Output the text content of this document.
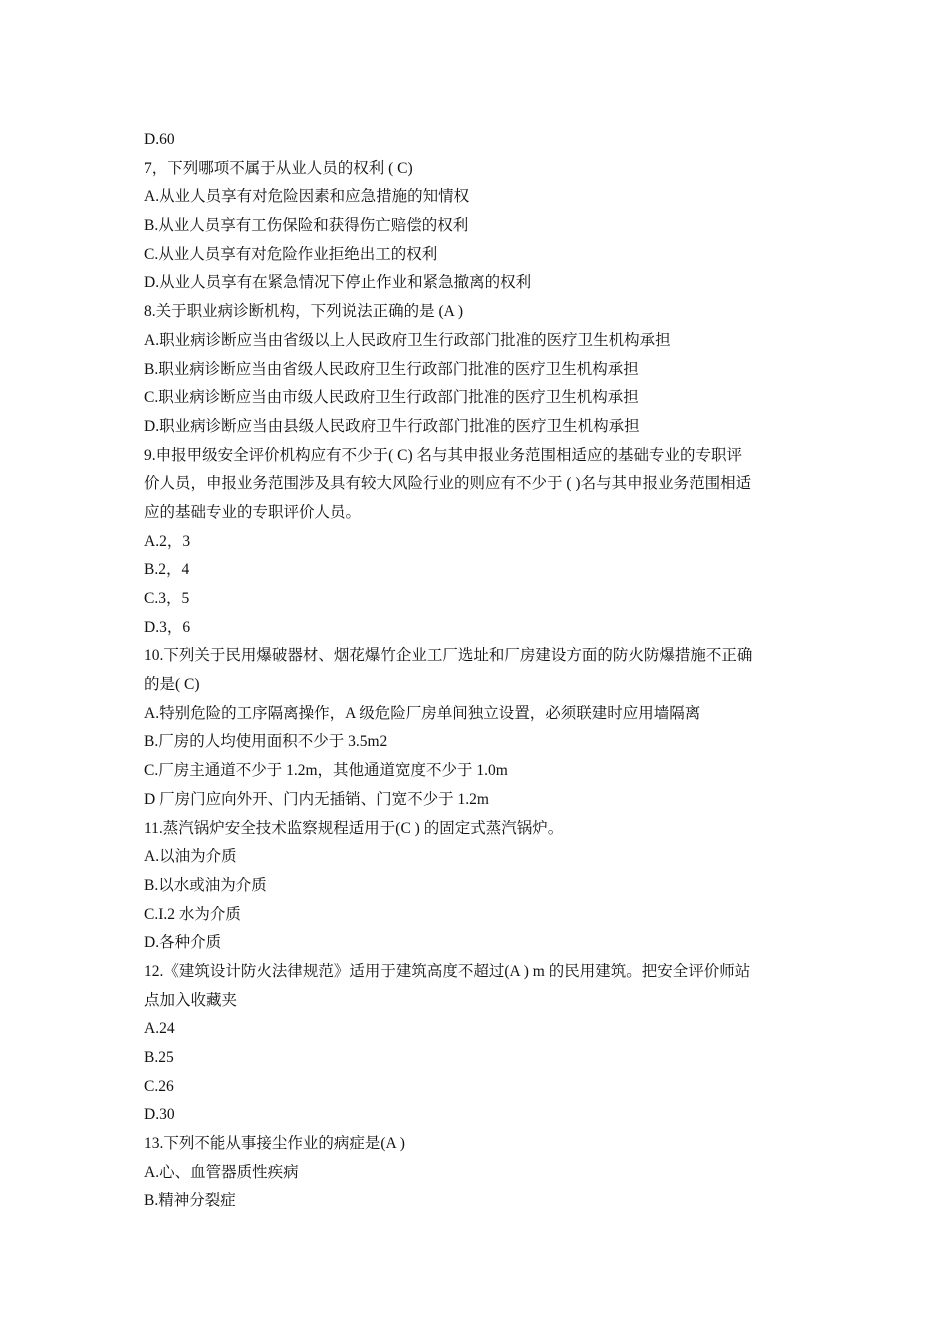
D.60
7，下列哪项不属于从业人员的权利 ( C)
A.从业人员享有对危险因素和应急措施的知情权
B.从业人员享有工伤保险和获得伤亡赔偿的权利
C.从业人员享有对危险作业拒绝出工的权利
D.从业人员享有在紧急情况下停止作业和紧急撤离的权利
8.关于职业病诊断机构，下列说法正确的是 (A )
A.职业病诊断应当由省级以上人民政府卫生行政部门批准的医疗卫生机构承担
B.职业病诊断应当由省级人民政府卫生行政部门批准的医疗卫生机构承担
C.职业病诊断应当由市级人民政府卫生行政部门批准的医疗卫生机构承担
D.职业病诊断应当由县级人民政府卫牛行政部门批准的医疗卫生机构承担
9.申报甲级安全评价机构应有不少于( C) 名与其申报业务范围相适应的基础专业的专职评
价人员，申报业务范围涉及具有较大风险行业的则应有不少于 ( )名与其申报业务范围相适
应的基础专业的专职评价人员。
A.2，3
B.2，4
C.3，5
D.3，6
10.下列关于民用爆破器材、烟花爆竹企业工厂选址和厂房建设方面的防火防爆措施不正确
的是( C)
A.特别危险的工序隔离操作，A 级危险厂房单间独立设置，必须联建时应用墙隔离
B.厂房的人均使用面积不少于 3.5m2
C.厂房主通道不少于 1.2m，其他通道宽度不少于 1.0m
D 厂房门应向外开、门内无插销、门宽不少于 1.2m
11.蒸汽锅炉安全技术监察规程适用于(C ) 的固定式蒸汽锅炉。
A.以油为介质
B.以水或油为介质
C.I.2 水为介质
D.各种介质
12.《建筑设计防火法律规范》适用于建筑高度不超过(A ) m 的民用建筑。把安全评价师站
点加入收藏夹
A.24
B.25
C.26
D.30
13.下列不能从事接尘作业的病症是(A )
A.心、血管器质性疾病
B.精神分裂症
